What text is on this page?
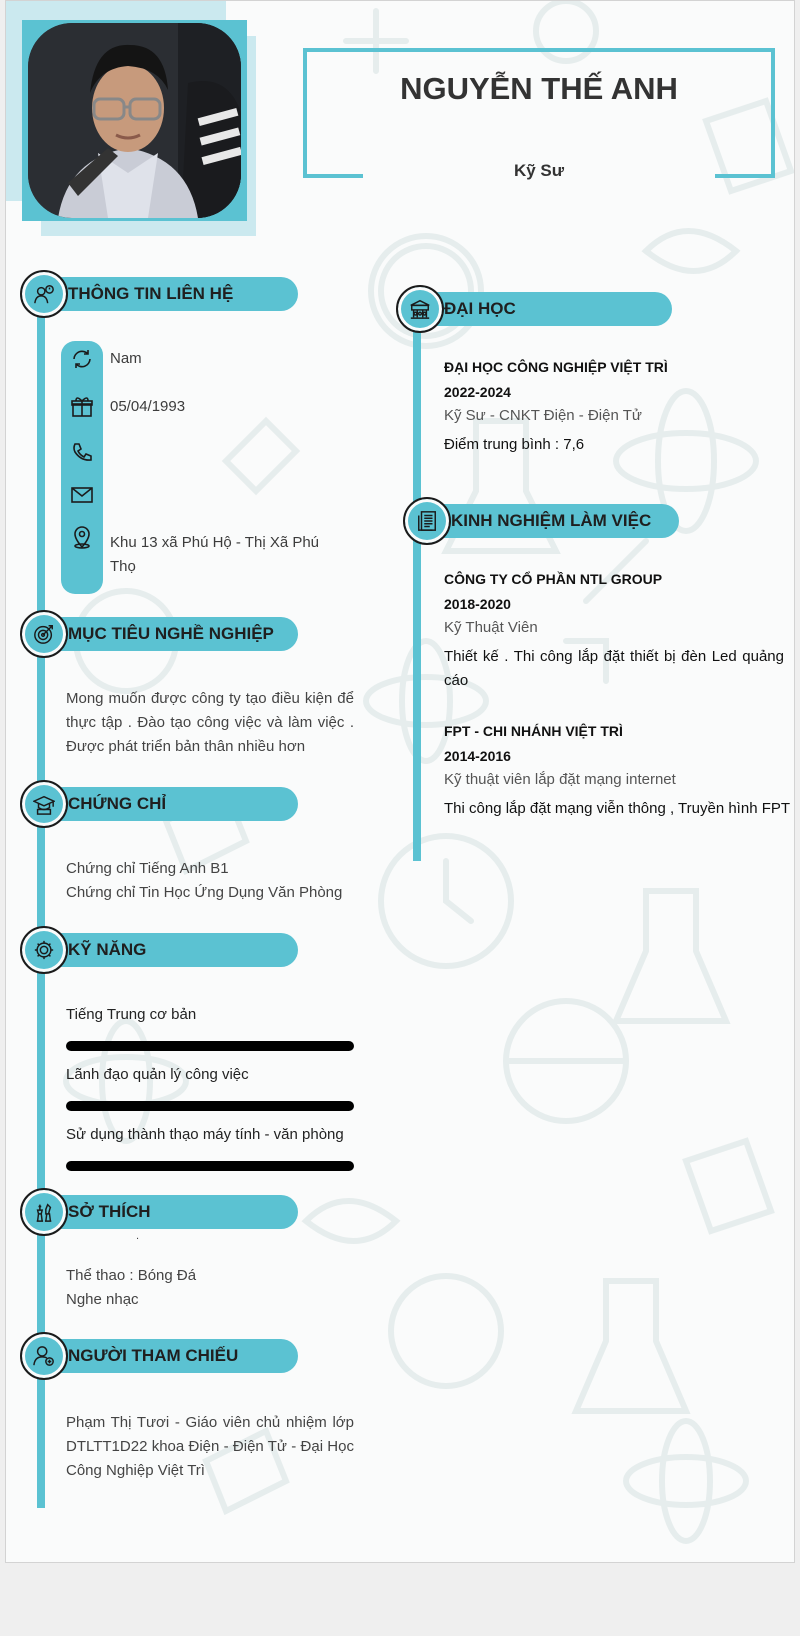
NGUYỄN THẾ ANH
Kỹ Sư
THÔNG TIN LIÊN HỆ
Nam
05/04/1993
Khu 13 xã Phú Hộ - Thị Xã Phú Thọ
MỤC TIÊU NGHỀ NGHIỆP
Mong muốn được công ty tạo điều kiện để thực tập . Đào tạo công việc và làm việc . Được phát triển bản thân nhiều hơn
CHỨNG CHỈ
Chứng chỉ Tiếng Anh B1
Chứng chỉ Tin Học Ứng Dụng Văn Phòng
KỸ NĂNG
Tiếng Trung cơ bản
Lãnh đạo quản lý công việc
Sử dụng thành thạo máy tính - văn phòng
SỞ THÍCH
.
Thể thao : Bóng Đá
Nghe nhạc
NGƯỜI THAM CHIẾU
Phạm Thị Tươi - Giáo viên chủ nhiệm lớp DTLTT1D22 khoa Điện - Điện Tử - Đại Học Công Nghiệp Việt Trì
ĐẠI HỌC
ĐẠI HỌC CÔNG NGHIỆP VIỆT TRÌ
2022-2024
Kỹ Sư - CNKT Điện - Điện Tử
Điểm trung bình : 7,6
KINH NGHIỆM LÀM VIỆC
CÔNG TY CỔ PHẦN NTL GROUP
2018-2020
Kỹ Thuật Viên
Thiết kế . Thi công lắp đặt thiết bị đèn Led quảng cáo
FPT - CHI NHÁNH VIỆT TRÌ
2014-2016
Kỹ thuật viên lắp đặt mạng internet
Thi công lắp đặt mạng viễn thông , Truyền hình FPT
